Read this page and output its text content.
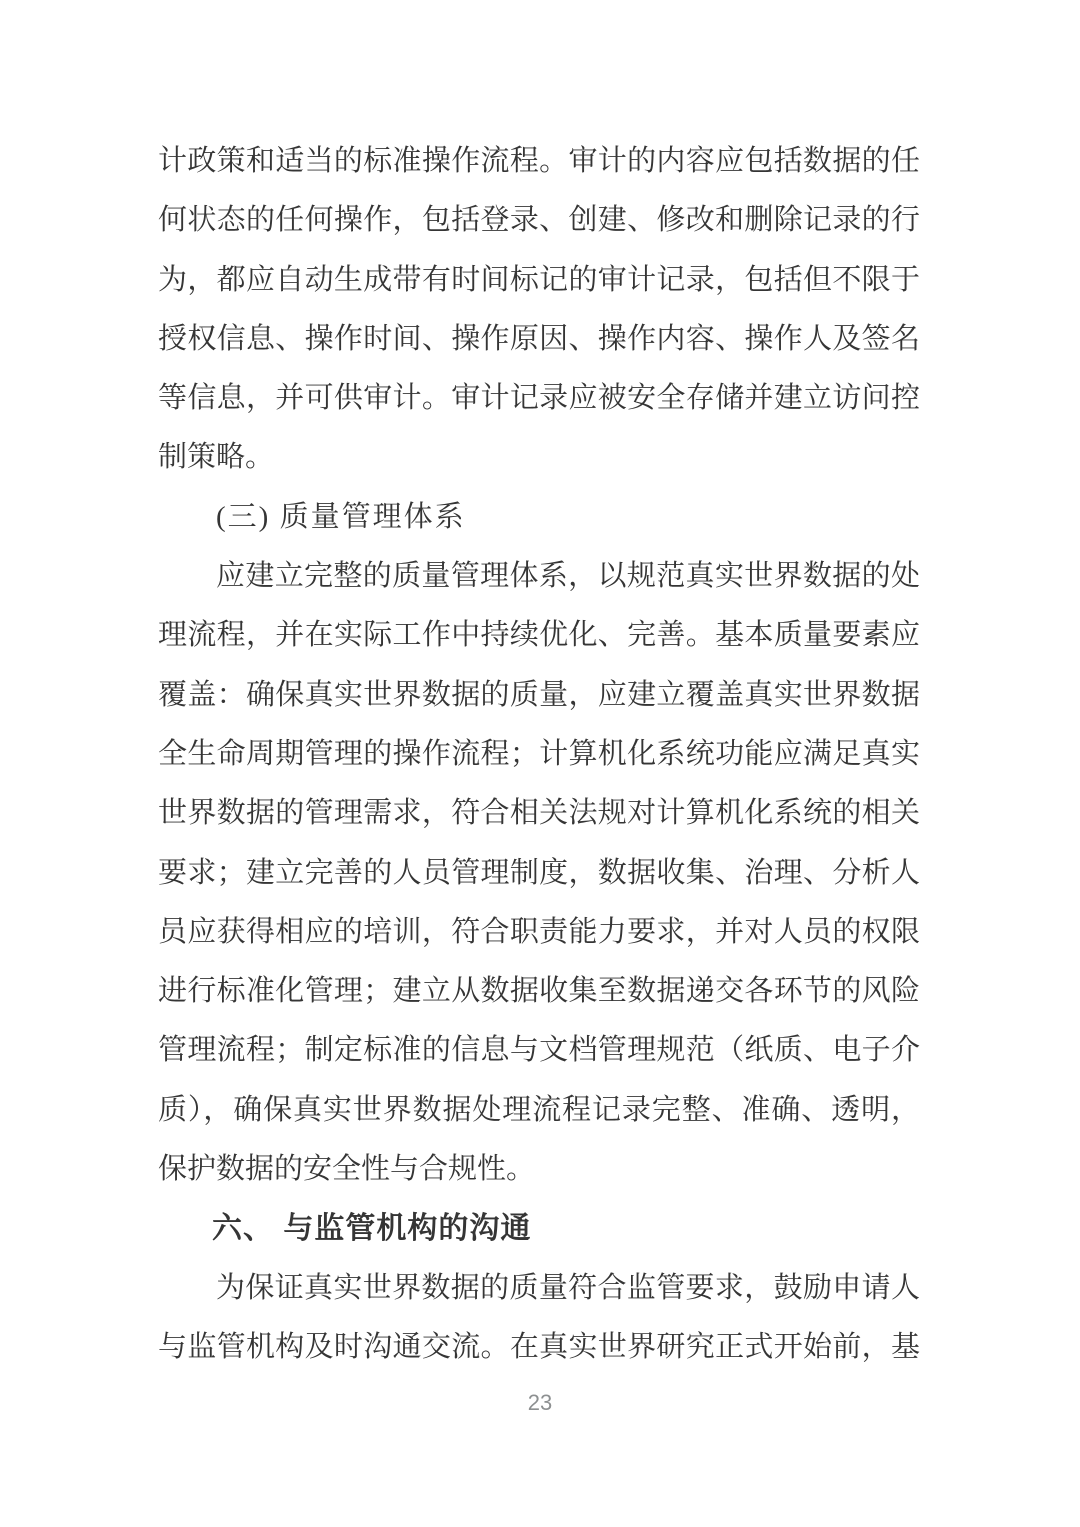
计政策和适当的标准操作流程。审计的内容应包括数据的任
何状态的任何操作，包括登录、创建、修改和删除记录的行
为，都应自动生成带有时间标记的审计记录，包括但不限于
授权信息、操作时间、操作原因、操作内容、操作人及签名
等信息，并可供审计。审计记录应被安全存储并建立访问控
制策略。
(三) 质量管理体系
应建立完整的质量管理体系，以规范真实世界数据的处
理流程，并在实际工作中持续优化、完善。基本质量要素应
覆盖：确保真实世界数据的质量，应建立覆盖真实世界数据
全生命周期管理的操作流程；计算机化系统功能应满足真实
世界数据的管理需求，符合相关法规对计算机化系统的相关
要求；建立完善的人员管理制度，数据收集、治理、分析人
员应获得相应的培训，符合职责能力要求，并对人员的权限
进行标准化管理；建立从数据收集至数据递交各环节的风险
管理流程；制定标准的信息与文档管理规范（纸质、电子介
质），确保真实世界数据处理流程记录完整、准确、透明，
保护数据的安全性与合规性。
六、 与监管机构的沟通
为保证真实世界数据的质量符合监管要求，鼓励申请人
与监管机构及时沟通交流。在真实世界研究正式开始前，基
23
